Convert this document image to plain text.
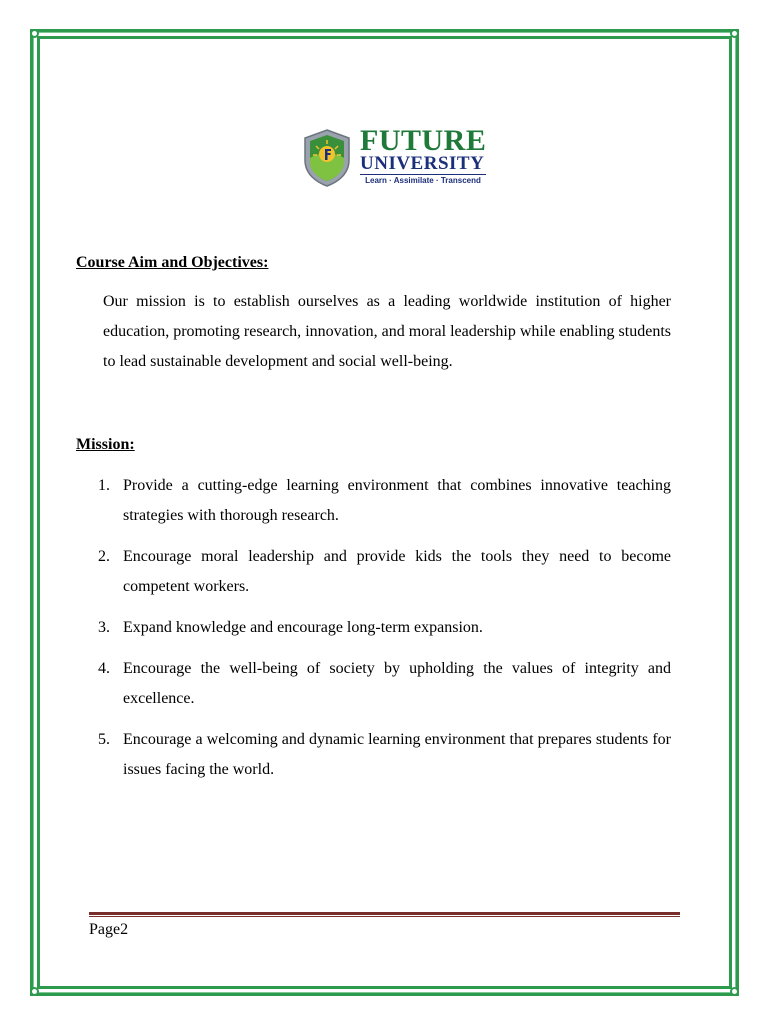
FUTURE
UNIVERSITY
Learn · Assimilate · Transcend
Course Aim and Objectives:

Our mission is to establish ourselves as a leading worldwide institution of higher education, promoting research, innovation, and moral leadership while enabling students to lead sustainable development and social well-being.

Mission:
1. Provide a cutting-edge learning environment that combines innovative teaching strategies with thorough research.
2. Encourage moral leadership and provide kids the tools they need to become competent workers.
3. Expand knowledge and encourage long-term expansion.
4. Encourage the well-being of society by upholding the values of integrity and excellence.
5. Encourage a welcoming and dynamic learning environment that prepares students for issues facing the world.
Page2
